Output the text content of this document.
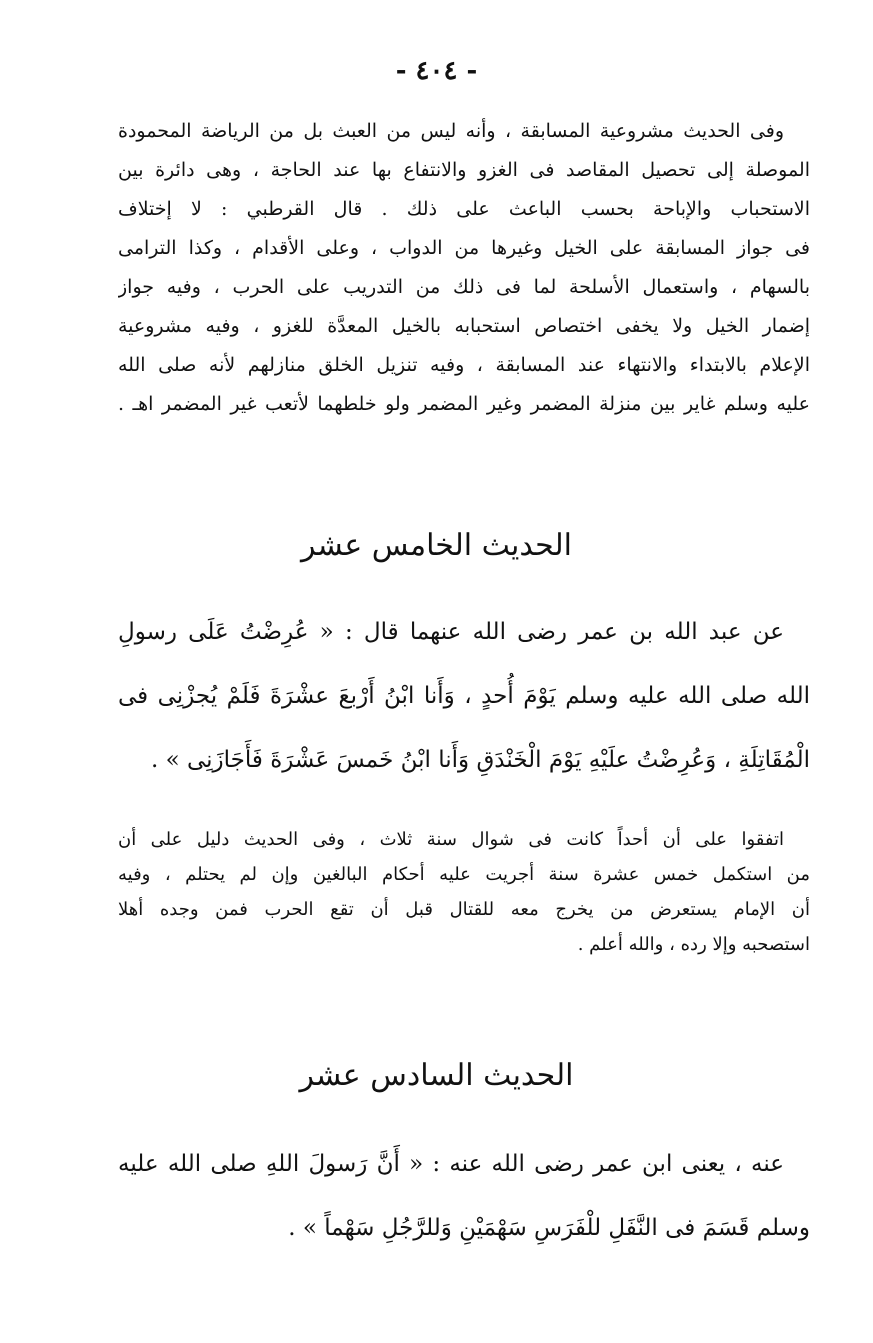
- ٤٠٤ -
وفى الحديث مشروعية المسابقة ، وأنه ليس من العبث بل من الرياضة المحمودة
الموصلة إلى تحصيل المقاصد فى الغزو والانتفاع بها عند الحاجة ، وهى دائرة بين
الاستحباب والإباحة بحسب الباعث على ذلك . قال القرطبي : لا إختلاف
فى جواز المسابقة على الخيل وغيرها من الدواب ، وعلى الأقدام ، وكذا الترامى
بالسهام ، واستعمال الأسلحة لما فى ذلك من التدريب على الحرب ، وفيه جواز
إضمار الخيل ولا يخفى اختصاص استحبابه بالخيل المعدَّة للغزو ، وفيه مشروعية
الإعلام بالابتداء والانتهاء عند المسابقة ، وفيه تنزيل الخلق منازلهم لأنه صلى الله
عليه وسلم غاير بين منزلة المضمر وغير المضمر ولو خلطهما لأتعب غير المضمر اهـ .
الحديث الخامس عشر
عن عبد الله بن عمر رضى الله عنهما قال : « عُرِضْتُ عَلَى رسولِ
الله صلى الله عليه وسلم يَوْمَ أُحدٍ ، وَأَنا ابْنُ أَرْبعَ عشْرَةَ فَلَمْ يُجزْنِى فى
الْمُقَاتِلَةِ ، وَعُرِضْتُ علَيْهِ يَوْمَ الْخَنْدَقِ وَأَنا ابْنُ خَمسَ عَشْرَةَ فَأَجَازَنِى » .
اتفقوا على أن أحداً كانت فى شوال سنة ثلاث ، وفى الحديث دليل على أن
من استكمل خمس عشرة سنة أجريت عليه أحكام البالغين وإن لم يحتلم ، وفيه
أن الإمام يستعرض من يخرج معه للقتال قبل أن تقع الحرب فمن وجده أهلا
استصحبه وإلا رده ، والله أعلم .
الحديث السادس عشر
عنه ، يعنى ابن عمر رضى الله عنه : « أَنَّ رَسولَ اللهِ صلى الله عليه
وسلم قَسَمَ فى النَّفَلِ للْفَرَسِ سَهْمَيْنِ وَللرَّجُلِ سَهْماً » .
